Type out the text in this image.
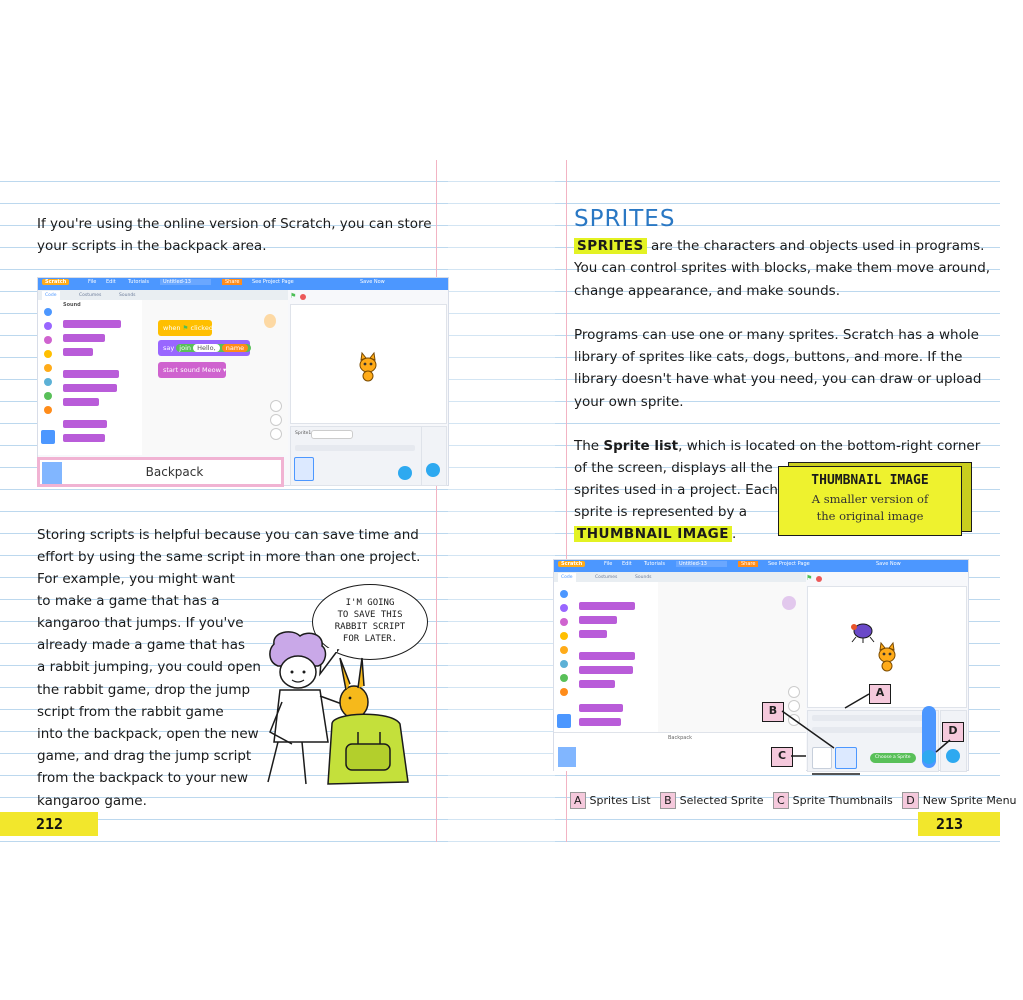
If you're using the online version of Scratch, you can store

your scripts in the backpack area.

Scratch	File Edit Tutorials	Untitled-13	Share	See Project Page	Save Now
Code	Costumes	Sounds
Sound
when ⚑ clicked
say join Hello, name
start sound Meow ▾
⚑
Sprite1
Backpack

Storing scripts is helpful because you can save time and

effort by using the same script in more than one project.

For example, you might want

to make a game that has a

kangaroo that jumps. If you've

already made a game that has

a rabbit jumping, you could open

the rabbit game, drop the jump

script from the rabbit game

into the backpack, open the new

game, and drag the jump script

from the backpack to your new

kangaroo game.

I'M GOING
TO SAVE THIS
RABBIT SCRIPT
FOR LATER.
212

SPRITES

SPRITES are the characters and objects used in programs.

You can control sprites with blocks, make them move around,

change appearance, and make sounds.

Programs can use one or many sprites. Scratch has a whole

library of sprites like cats, dogs, buttons, and more. If the

library doesn't have what you need, you can draw or upload

your own sprite.

The Sprite list, which is located on the bottom-right corner

of the screen, displays all the

sprites used in a project. Each

sprite is represented by a

THUMBNAIL IMAGE .

THUMBNAIL IMAGE
A smaller version of
the original image
Scratch	File Edit Tutorials	Untitled-13	Share	See Project Page	Save Now
Code	Costumes	Sounds
Backpack
⚑
Choose a Sprite
A
B
C
D
A Sprites List B Selected Sprite C Sprite Thumbnails D New Sprite Menu
213
